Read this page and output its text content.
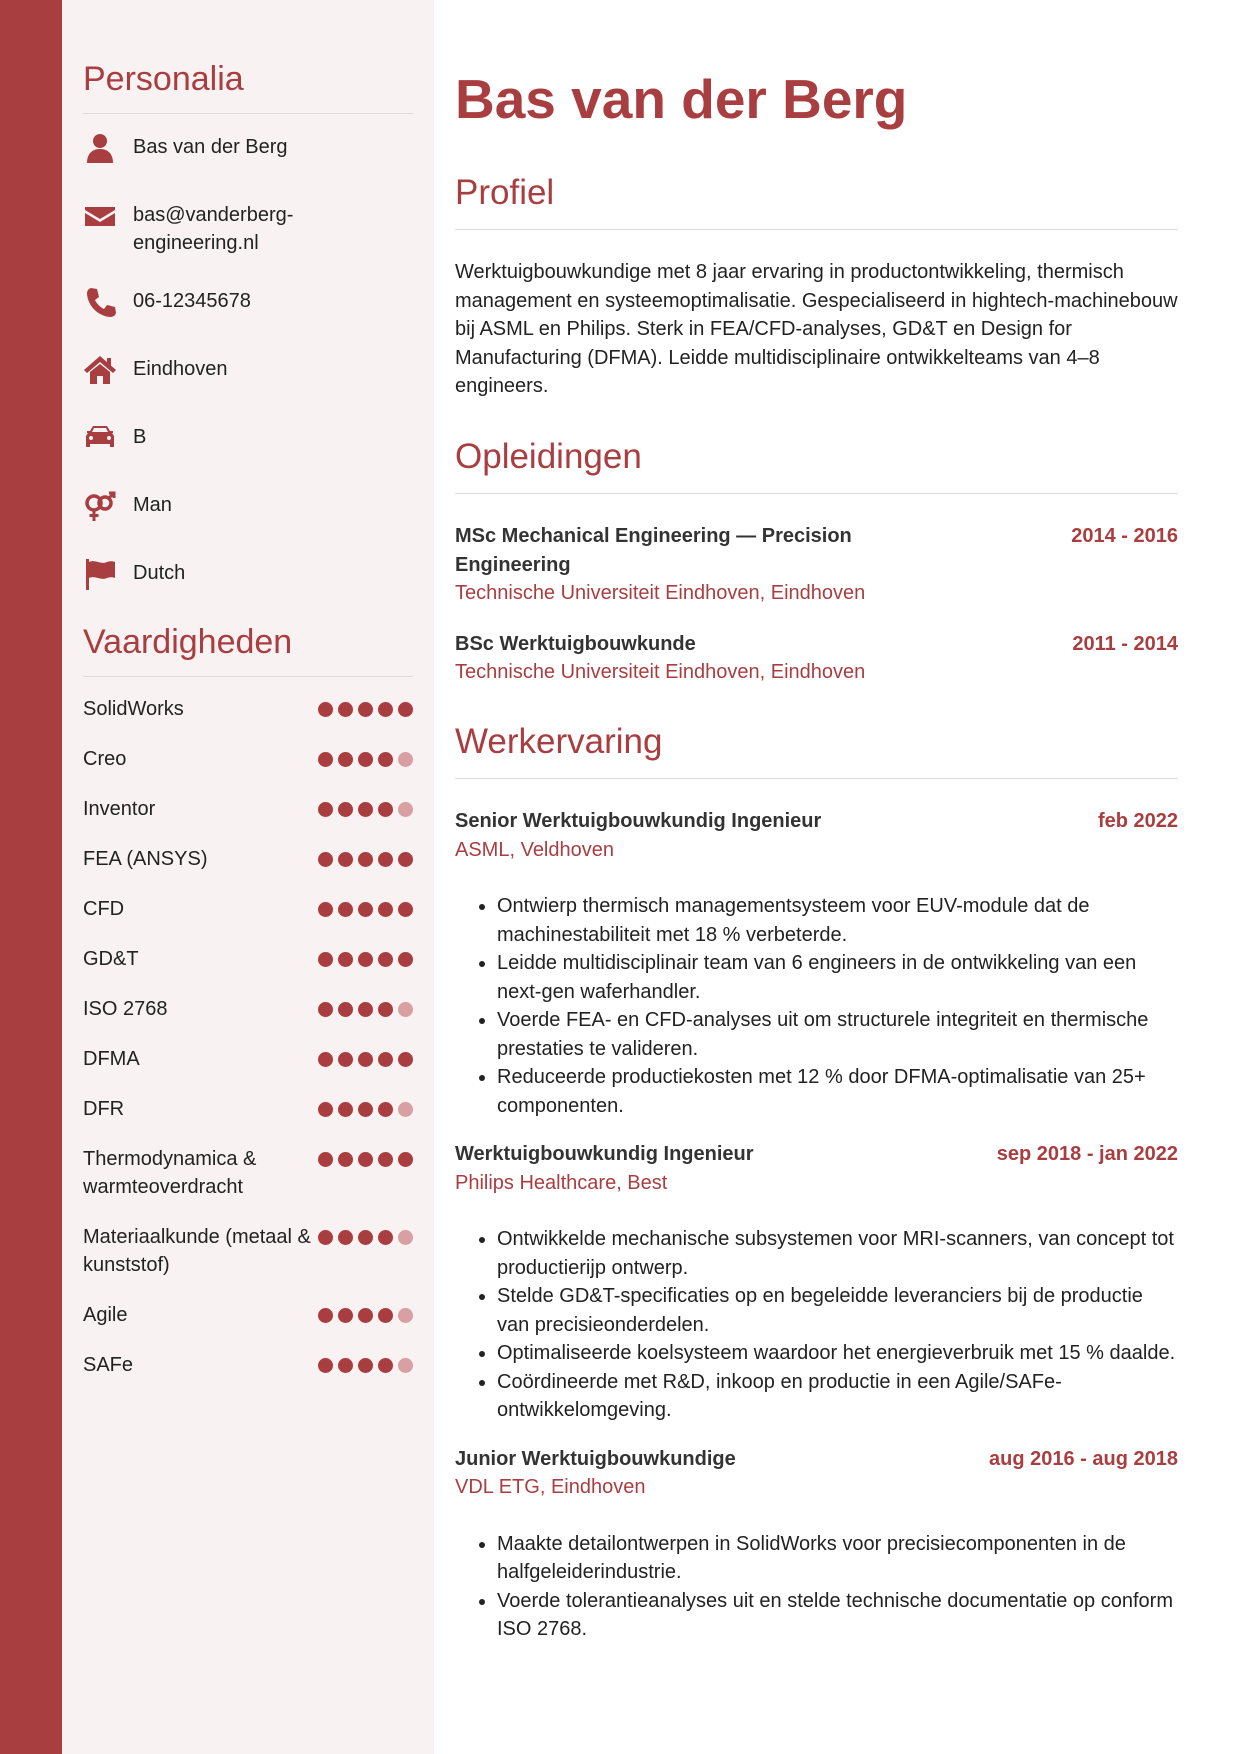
Personalia
Bas van der Berg
bas@vanderberg-engineering.nl
06-12345678
Eindhoven
B
Man
Dutch
Vaardigheden
SolidWorks
Creo
Inventor
FEA (ANSYS)
CFD
GD&T
ISO 2768
DFMA
DFR
Thermodynamica & warmteoverdracht
Materiaalkunde (metaal & kunststof)
Agile
SAFe
Bas van der Berg
Profiel

Werktuigbouwkundige met 8 jaar ervaring in productontwikkeling, thermisch management en systeemoptimalisatie. Gespecialiseerd in hightech-machinebouw bij ASML en Philips. Sterk in FEA/CFD-analyses, GD&T en Design for Manufacturing (DFMA). Leidde multidisciplinaire ontwikkelteams van 4–8 engineers.

Opleidingen
MSc Mechanical Engineering — Precision Engineering
2014 - 2016
Technische Universiteit Eindhoven, Eindhoven
BSc Werktuigbouwkunde	2011 - 2014
Technische Universiteit Eindhoven, Eindhoven
Werkervaring
Senior Werktuigbouwkundig Ingenieur	feb 2022
ASML, Veldhoven
• Ontwierp thermisch managementsysteem voor EUV-module dat de machinestabiliteit met 18 % verbeterde.
• Leidde multidisciplinair team van 6 engineers in de ontwikkeling van een next-gen waferhandler.
• Voerde FEA- en CFD-analyses uit om structurele integriteit en thermische prestaties te valideren.
• Reduceerde productiekosten met 12 % door DFMA-optimalisatie van 25+ componenten.
Werktuigbouwkundig Ingenieur	sep 2018 - jan 2022
Philips Healthcare, Best
• Ontwikkelde mechanische subsystemen voor MRI-scanners, van concept tot productierijp ontwerp.
• Stelde GD&T-specificaties op en begeleidde leveranciers bij de productie van precisieonderdelen.
• Optimaliseerde koelsysteem waardoor het energieverbruik met 15 % daalde.
• Coördineerde met R&D, inkoop en productie in een Agile/SAFe-ontwikkelomgeving.
Junior Werktuigbouwkundige	aug 2016 - aug 2018
VDL ETG, Eindhoven
• Maakte detailontwerpen in SolidWorks voor precisiecomponenten in de halfgeleiderindustrie.
• Voerde tolerantieanalyses uit en stelde technische documentatie op conform ISO 2768.
